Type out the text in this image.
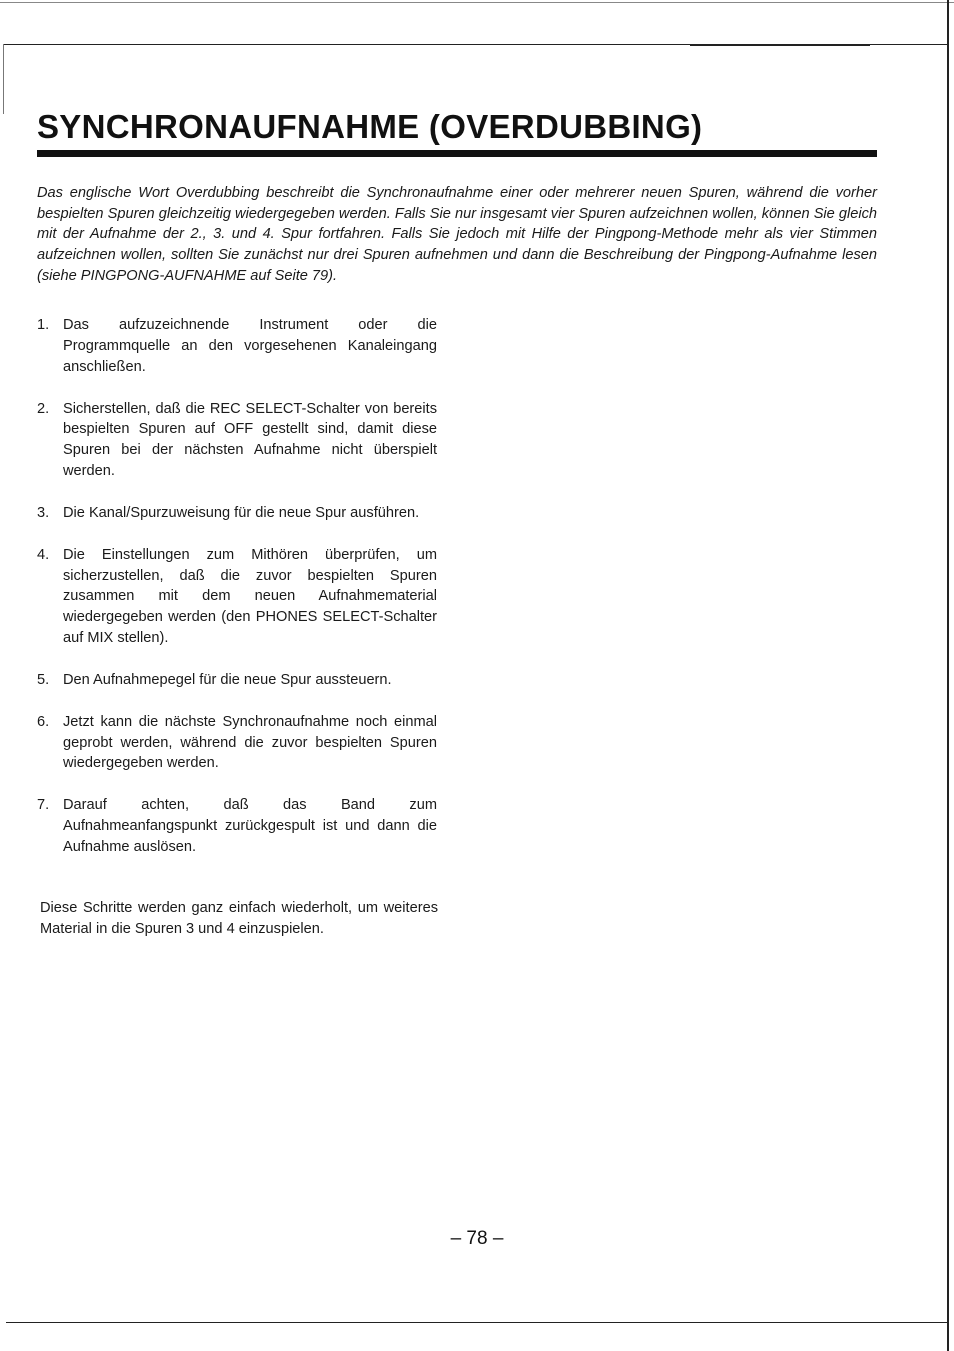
SYNCHRONAUFNAHME (OVERDUBBING)

Das englische Wort Overdubbing beschreibt die Synchronaufnahme einer oder mehrerer neuen Spuren, während die vorher bespielten Spuren gleichzeitig wiedergegeben werden. Falls Sie nur insgesamt vier Spuren aufzeichnen wollen, können Sie gleich mit der Aufnahme der 2., 3. und 4. Spur fortfahren. Falls Sie jedoch mit Hilfe der Pingpong-Methode mehr als vier Stimmen aufzeichnen wollen, sollten Sie zunächst nur drei Spuren aufnehmen und dann die Beschreibung der Pingpong-Aufnahme lesen (siehe PINGPONG-AUFNAHME auf Seite 79).

1. Das aufzuzeichnende Instrument oder die Programmquelle an den vorgesehenen Kanaleingang anschließen.
2. Sicherstellen, daß die REC SELECT-Schalter von bereits bespielten Spuren auf OFF gestellt sind, damit diese Spuren bei der nächsten Aufnahme nicht überspielt werden.
3. Die Kanal/Spurzuweisung für die neue Spur ausführen.
4. Die Einstellungen zum Mithören überprüfen, um sicherzustellen, daß die zuvor bespielten Spuren zusammen mit dem neuen Aufnahmematerial wiedergegeben werden (den PHONES SELECT-Schalter auf MIX stellen).
5. Den Aufnahmepegel für die neue Spur aussteuern.
6. Jetzt kann die nächste Synchronaufnahme noch einmal geprobt werden, während die zuvor bespielten Spuren wiedergegeben werden.
7. Darauf achten, daß das Band zum Aufnahmeanfangspunkt zurückgespult ist und dann die Aufnahme auslösen.

Diese Schritte werden ganz einfach wiederholt, um weiteres Material in die Spuren 3 und 4 einzuspielen.

– 78 –
